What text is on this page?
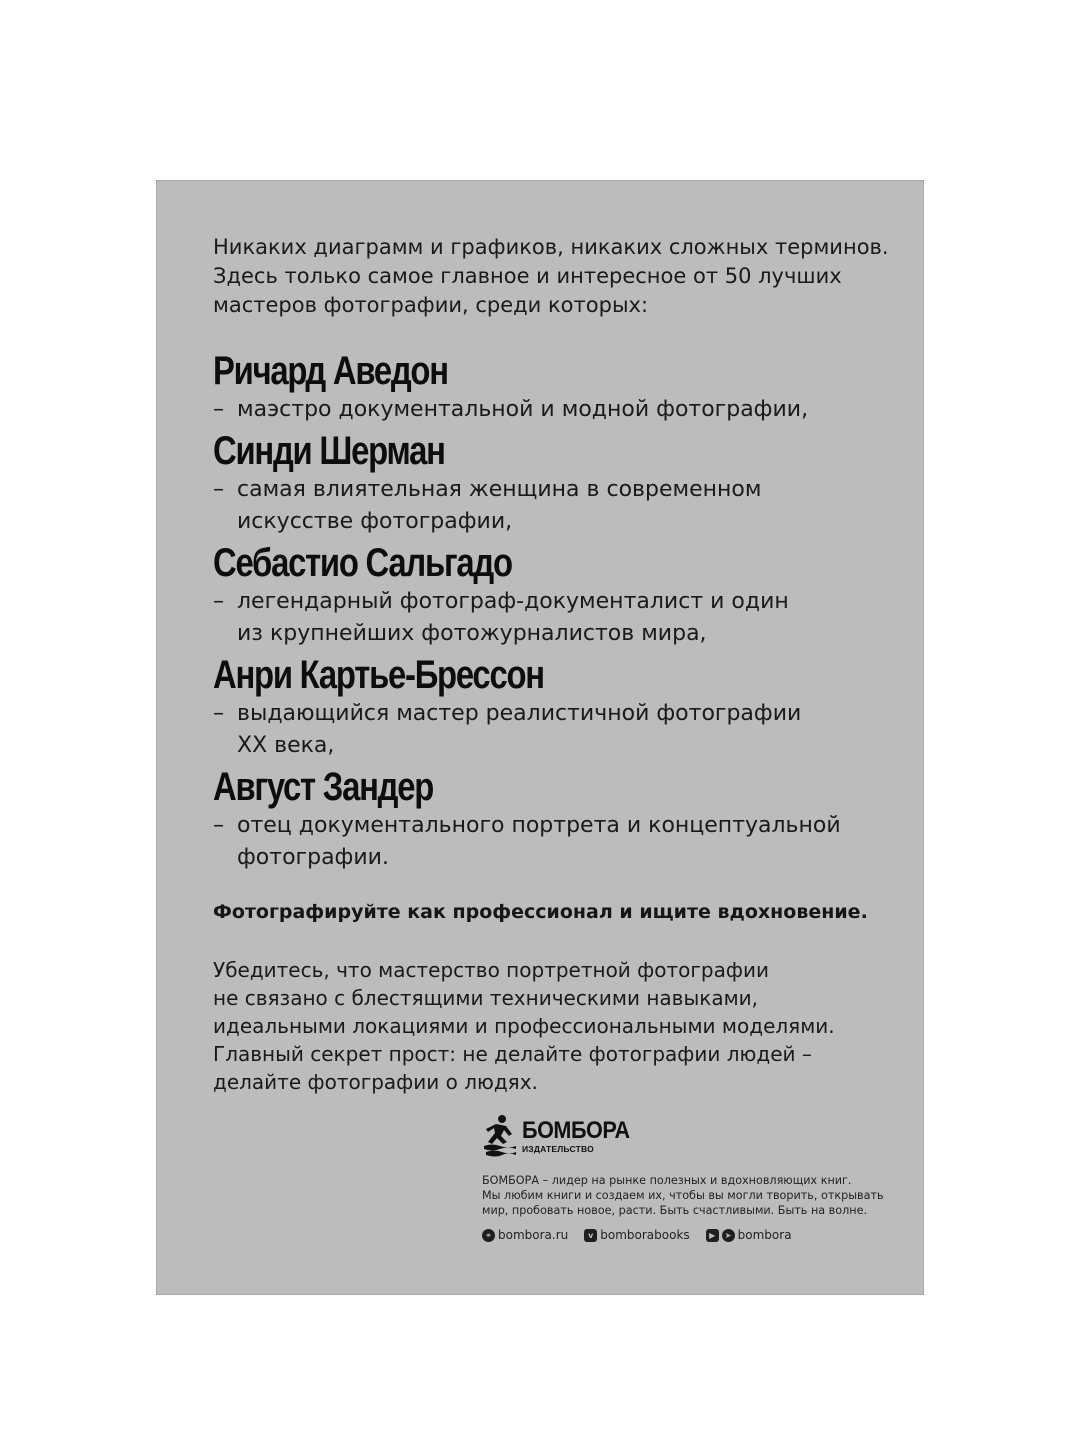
Никаких диаграмм и графиков, никаких сложных терминов.
Здесь только самое главное и интересное от 50 лучших
мастеров фотографии, среди которых:

Ричард Аведон
– маэстро документальной и модной фотографии,
Синди Шерман
– самая влиятельная женщина в современном
искусстве фотографии,
Себастио Сальгадо
– легендарный фотограф-документалист и один
из крупнейших фотожурналистов мира,
Анри Картье-Брессон
– выдающийся мастер реалистичной фотографии
XX века,
Август Зандер
– отец документального портрета и концептуальной
фотографии.

Фотографируйте как профессионал и ищите вдохновение.

Убедитесь, что мастерство портретной фотографии
не связано с блестящими техническими навыками,
идеальными локациями и профессиональными моделями.
Главный секрет прост: не делайте фотографии людей –
делайте фотографии о людях.

БОМБОРА
ИЗДАТЕЛЬСТВО

БОМБОРА – лидер на рынке полезных и вдохновляющих книг.
Мы любим книги и создаем их, чтобы вы могли творить, открывать
мир, пробовать новое, расти. Быть счастливыми. Быть на волне.

⚭ bombora.ru	v bomborabooks	▶	➤ bombora
